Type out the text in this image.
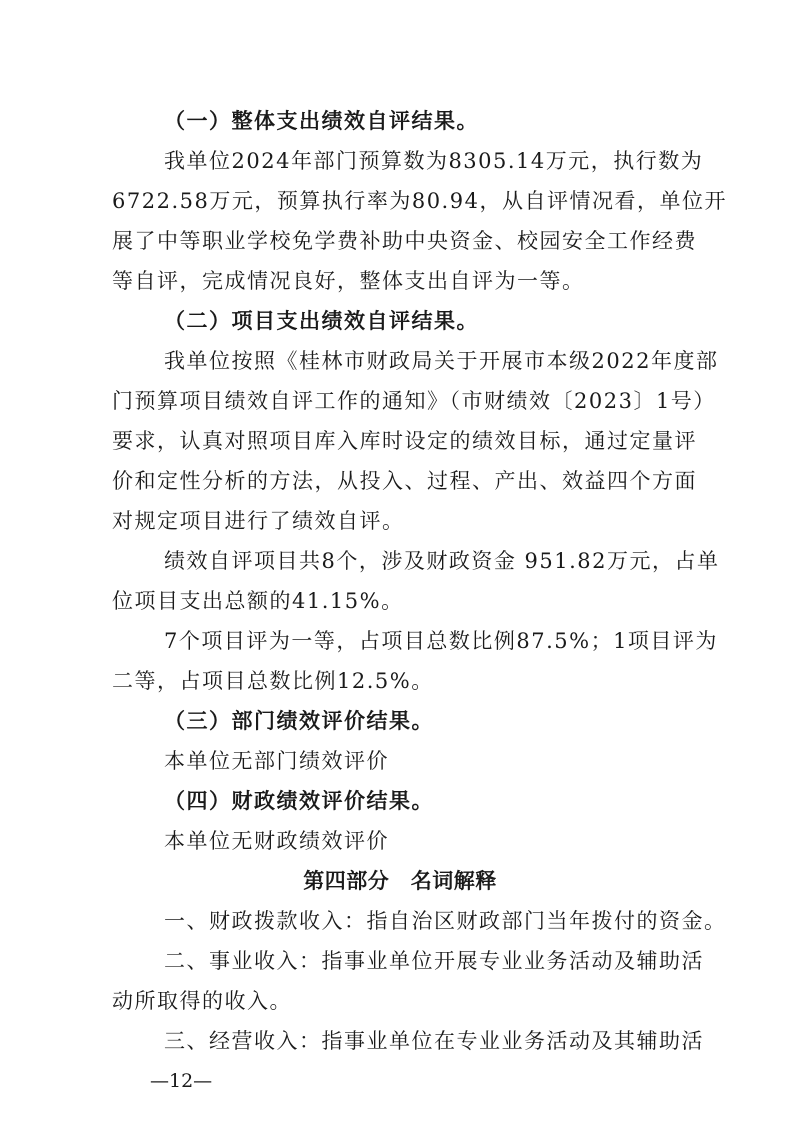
（一）整体支出绩效自评结果。
我单位2024年部门预算数为8305.14万元，执行数为
6722.58万元，预算执行率为80.94，从自评情况看，单位开
展了中等职业学校免学费补助中央资金、校园安全工作经费
等自评，完成情况良好，整体支出自评为一等。
（二）项目支出绩效自评结果。
我单位按照《桂林市财政局关于开展市本级2022年度部
门预算项目绩效自评工作的通知》（市财绩效〔2023〕1号）
要求，认真对照项目库入库时设定的绩效目标，通过定量评
价和定性分析的方法，从投入、过程、产出、效益四个方面
对规定项目进行了绩效自评。
绩效自评项目共8个，涉及财政资金 951.82万元，占单
位项目支出总额的41.15%。
7个项目评为一等，占项目总数比例87.5%；1项目评为
二等，占项目总数比例12.5%。
（三）部门绩效评价结果。
本单位无部门绩效评价
（四）财政绩效评价结果。
本单位无财政绩效评价
第四部分　名词解释
一、财政拨款收入：指自治区财政部门当年拨付的资金。
二、事业收入：指事业单位开展专业业务活动及辅助活
动所取得的收入。
三、经营收入：指事业单位在专业业务活动及其辅助活
—12—
